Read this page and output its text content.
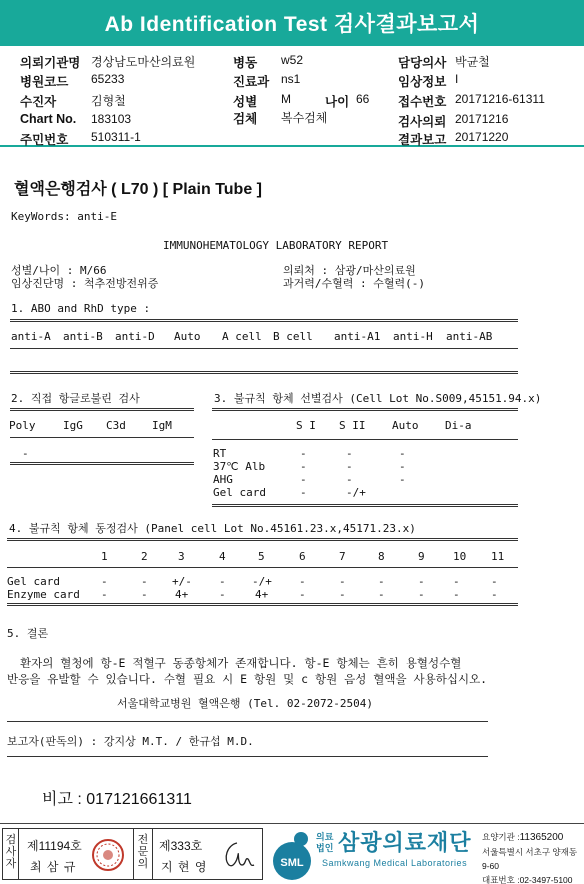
Ab Identification Test 검사결과보고서
의뢰기관명 경상남도마산의료원	병동 w52	담당의사 박균철
병원코드 65233	진료과 ns1	임상정보 I
수진자	김형철	성별 M	나이 66 접수번호 20171216-61311
Chart No. 183103	검체 복수검체	검사의뢰 20171216
주민번호 510311-1	결과보고 20171220
혈액은행검사 ( L70 ) [ Plain Tube ]
KeyWords: anti-E
IMMUNOHEMATOLOGY LABORATORY REPORT
성별/나이 : M/66
임상진단명 : 척추전방전위증
의뢰처 : 삼광/마산의료원
과거력/수혈력 : 수혈력(-)
1. ABO and RhD type :
anti-A anti-B anti-D Auto A cell B cell anti-A1 anti-H anti-AB
2. 직접 항글로불린 검사
Poly	IgG C3d IgM
-
3. 불규칙 항체 선별검사 (Cell Lot No.S009,45151.94.x)
S I S II Auto Di-a
RT	-	-	-
37℃ Alb	-	-	-
AHG	-	-	-
Gel card	-	-/+
4. 불규칙 항체 동정검사 (Panel cell Lot No.45161.23.x,45171.23.x)
1	2	3	4	5	6	7	8	9	10 11
Gel card	-	- +/- - -/+ -	-	-	-	-	-
Enzyme card -	- 4+	-	4+	-	-	-	-	-	-
5. 결론
환자의 혈청에 항-E 적혈구 동종항체가 존재합니다. 항-E 항체는 흔히 용혈성수혈
반응을 유발할 수 있습니다. 수혈 필요 시 E 항원 및 c 항원 음성 혈액을 사용하십시오.
서울대학교병원 혈액은행 (Tel. 02-2072-2504)
보고자(판독의) : 강지상 M.T. / 한규섭 M.D.
비고 : 017121661311
검사자
제11194호
최 삼 규
전문의
제333호
지 현 영	SML
의료
법인 삼광의료재단
Samkwang Medical Laboratories
요양기관 :11365200
서울특별시 서초구 양재동 9-60
대표번호 :02-3497-5100
